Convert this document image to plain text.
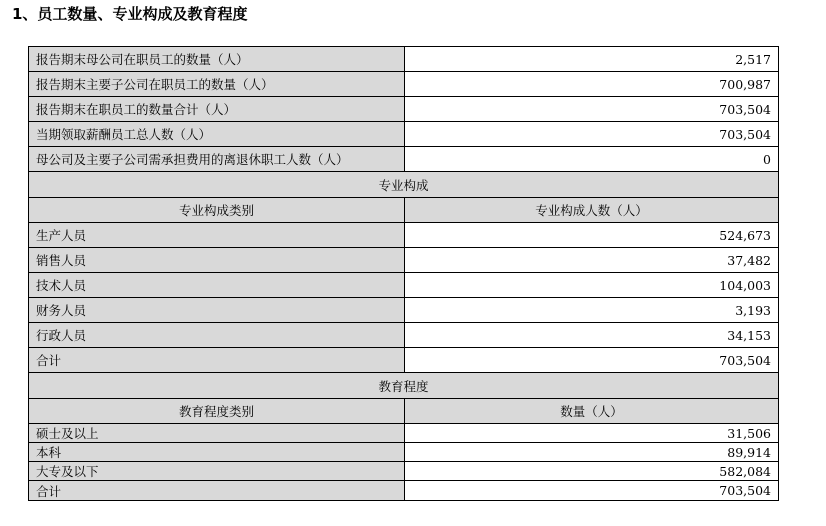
1、员工数量、专业构成及教育程度
报告期末母公司在职员工的数量（人）	2,517
报告期末主要子公司在职员工的数量（人）	700,987
报告期末在职员工的数量合计（人）	703,504
当期领取薪酬员工总人数（人）	703,504
母公司及主要子公司需承担费用的离退休职工人数（人）	0
专业构成	
专业构成类别	专业构成人数（人）
生产人员	524,673
销售人员	37,482
技术人员	104,003
财务人员	3,193
行政人员	34,153
合计	703,504
教育程度	
教育程度类别	数量（人）
硕士及以上	31,506
本科	89,914
大专及以下	582,084
合计	703,504
